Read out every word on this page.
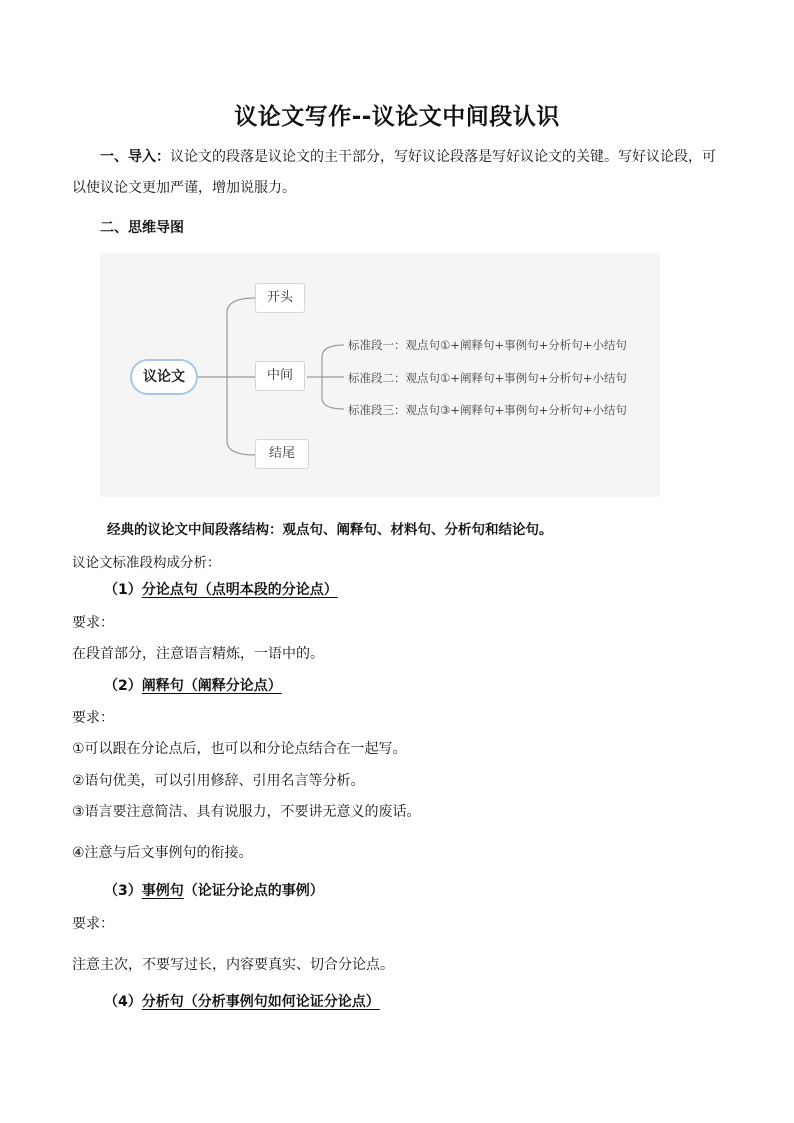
议论文写作--议论文中间段认识
一、导入：议论文的段落是议论文的主干部分，写好议论段落是写好议论文的关键。写好议论段，可
以使议论文更加严谨，增加说服力。
二、思维导图
议论文
开头
中间
结尾
标准段一：观点句①+阐释句+事例句+分析句+小结句
标准段二：观点句①+阐释句+事例句+分析句+小结句
标准段三：观点句③+阐释句+事例句+分析句+小结句
经典的议论文中间段落结构：观点句、阐释句、材料句、分析句和结论句。
议论文标准段构成分析：
（1）分论点句（点明本段的分论点）
要求：
在段首部分，注意语言精炼，一语中的。
（2）阐释句（阐释分论点）
要求：
①可以跟在分论点后，也可以和分论点结合在一起写。
②语句优美，可以引用修辞、引用名言等分析。
③语言要注意简洁、具有说服力，不要讲无意义的废话。
④注意与后文事例句的衔接。
（3）事例句（论证分论点的事例）
要求：
注意主次，不要写过长，内容要真实、切合分论点。
（4）分析句（分析事例句如何论证分论点）
